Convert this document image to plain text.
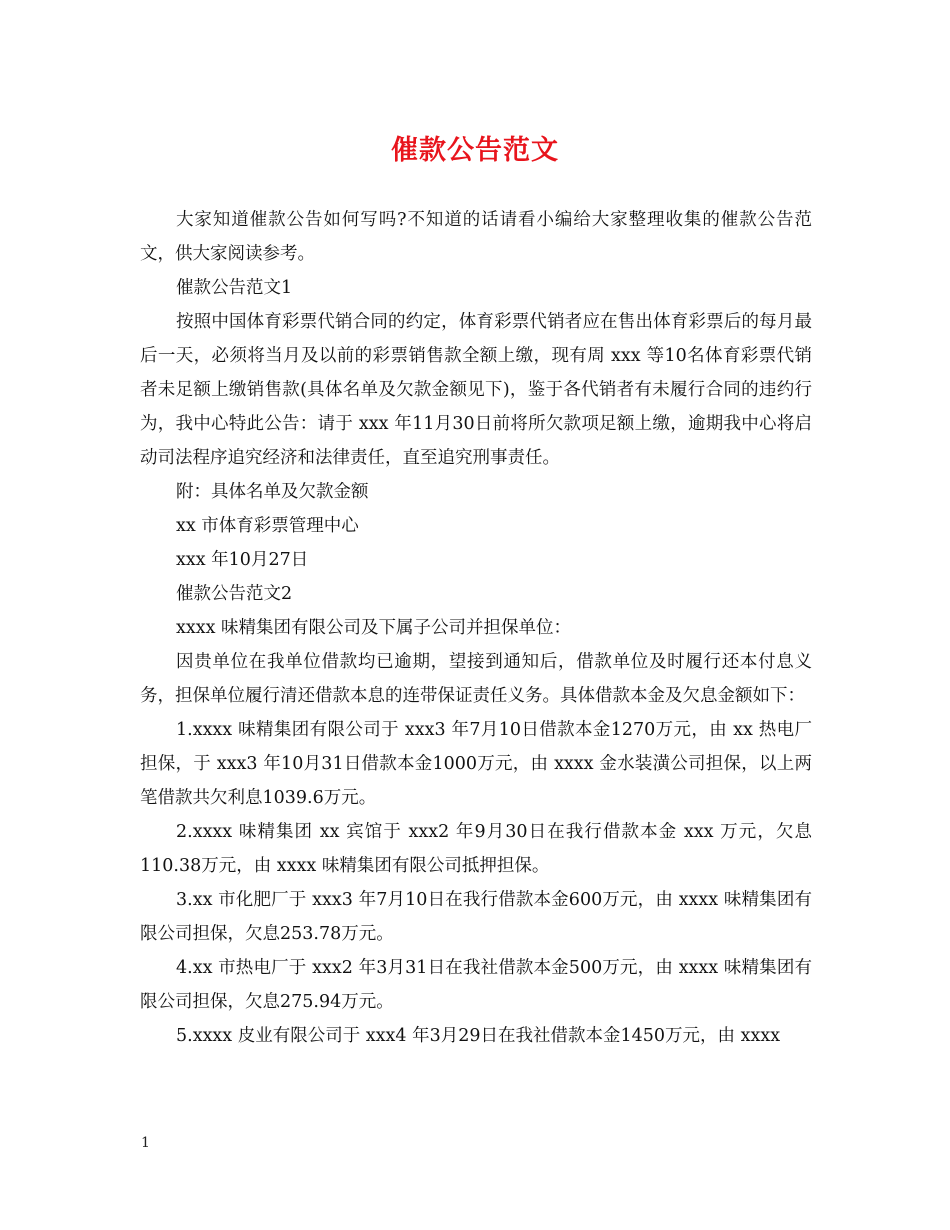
催款公告范文

大家知道催款公告如何写吗?不知道的话请看小编给大家整理收集的催款公告范文，供大家阅读参考。

催款公告范文1

按照中国体育彩票代销合同的约定，体育彩票代销者应在售出体育彩票后的每月最后一天，必须将当月及以前的彩票销售款全额上缴，现有周 xxx 等10名体育彩票代销者未足额上缴销售款(具体名单及欠款金额见下)，鉴于各代销者有未履行合同的违约行为，我中心特此公告：请于 xxx 年11月30日前将所欠款项足额上缴，逾期我中心将启动司法程序追究经济和法律责任，直至追究刑事责任。

附：具体名单及欠款金额

xx 市体育彩票管理中心

xxx 年10月27日

催款公告范文2

xxxx 味精集团有限公司及下属子公司并担保单位：

因贵单位在我单位借款均已逾期，望接到通知后，借款单位及时履行还本付息义务，担保单位履行清还借款本息的连带保证责任义务。具体借款本金及欠息金额如下：

1.xxxx 味精集团有限公司于 xxx3 年7月10日借款本金1270万元，由 xx 热电厂担保，于 xxx3 年10月31日借款本金1000万元，由 xxxx 金水装潢公司担保，以上两笔借款共欠利息1039.6万元。

2.xxxx 味精集团 xx 宾馆于 xxx2 年9月30日在我行借款本金 xxx 万元，欠息110.38万元，由 xxxx 味精集团有限公司抵押担保。

3.xx 市化肥厂于 xxx3 年7月10日在我行借款本金600万元，由 xxxx 味精集团有限公司担保，欠息253.78万元。

4.xx 市热电厂于 xxx2 年3月31日在我社借款本金500万元，由 xxxx 味精集团有限公司担保，欠息275.94万元。

5.xxxx 皮业有限公司于 xxx4 年3月29日在我社借款本金1450万元，由 xxxx

1
